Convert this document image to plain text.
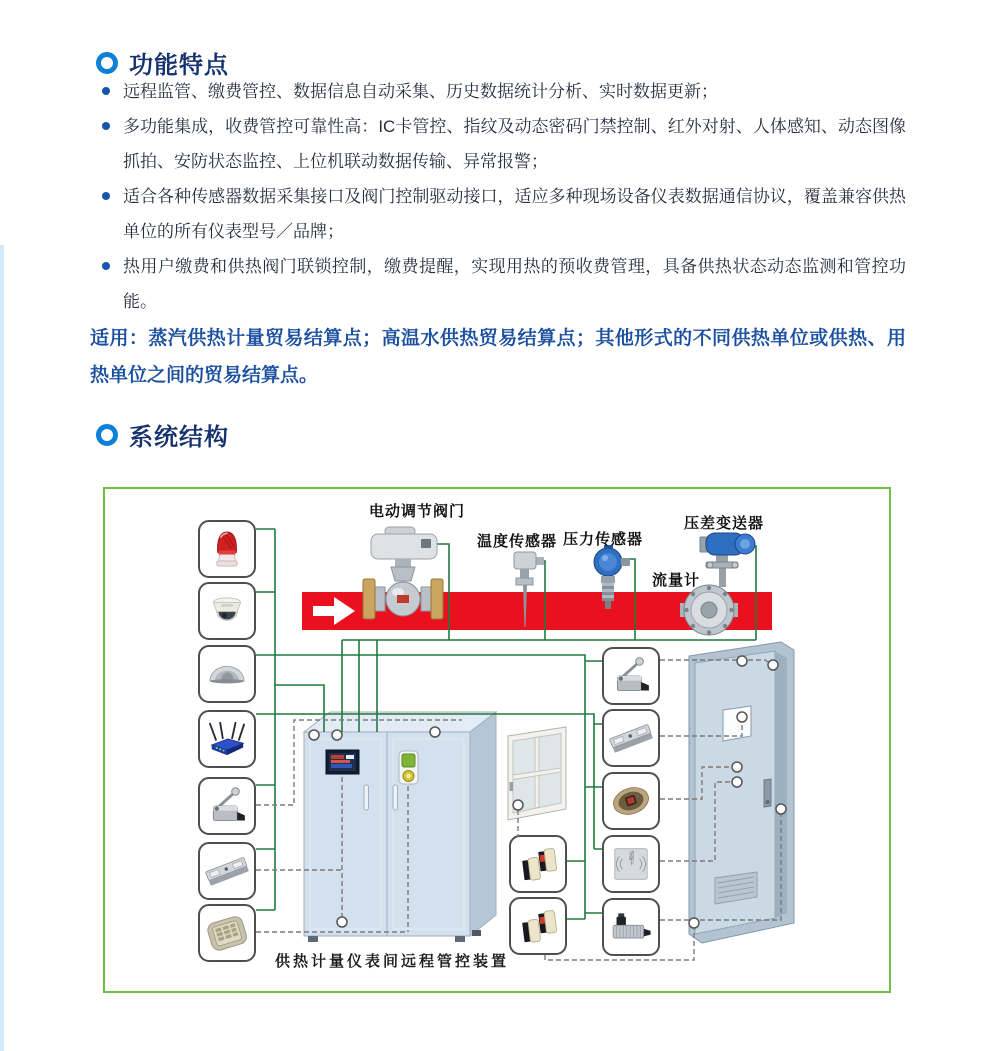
功能特点
远程监管、缴费管控、数据信息自动采集、历史数据统计分析、实时数据更新；
多功能集成，收费管控可靠性高：IC卡管控、指纹及动态密码门禁控制、红外对射、人体感知、动态图像抓拍、安防状态监控、上位机联动数据传输、异常报警；
适合各种传感器数据采集接口及阀门控制驱动接口，适应多种现场设备仪表数据通信协议，覆盖兼容供热单位的所有仪表型号／品牌；
热用户缴费和供热阀门联锁控制，缴费提醒，实现用热的预收费管理，具备供热状态动态监测和管控功能。
适用：蒸汽供热计量贸易结算点；高温水供热贸易结算点；其他形式的不同供热单位或供热、用热单位之间的贸易结算点。
系统结构
请刷卡
电动调节阀门
温度传感器 压力传感器
压差变送器
流量计
供热计量仪表间远程管控装置
